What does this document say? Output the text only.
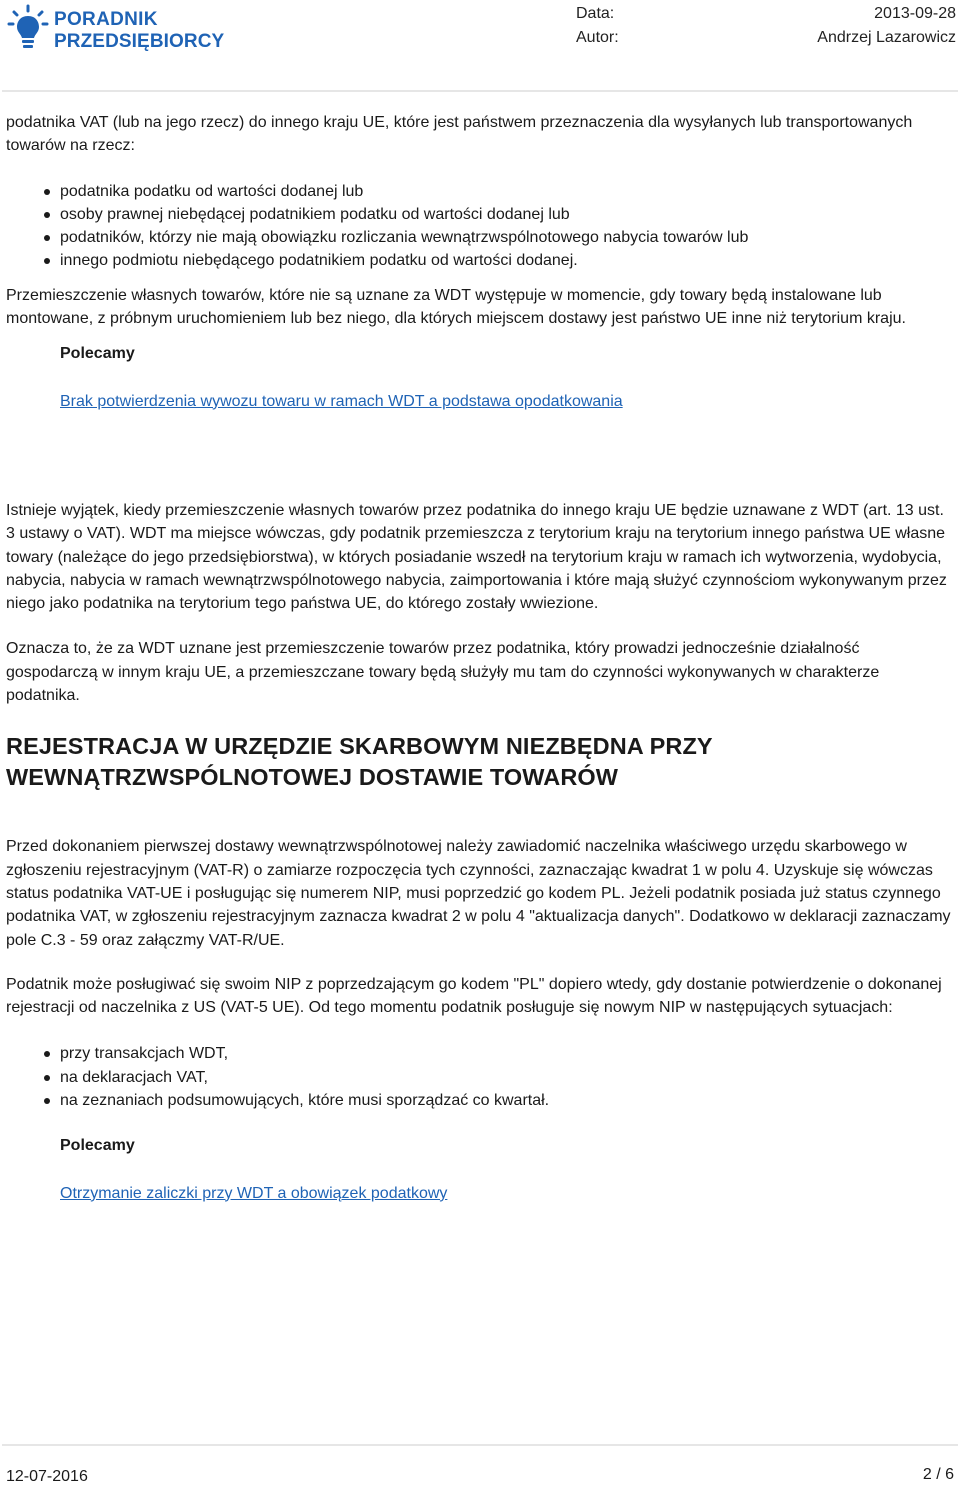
PORADNIK
PRZEDSIĘBIORCY
Data:
Autor:
2013-09-28
Andrzej Lazarowicz

podatnika VAT (lub na jego rzecz) do innego kraju UE, które jest państwem przeznaczenia dla wysyłanych lub transportowanych towarów na rzecz:

podatnika podatku od wartości dodanej lub
osoby prawnej niebędącej podatnikiem podatku od wartości dodanej lub
podatników, którzy nie mają obowiązku rozliczania wewnątrzwspólnotowego nabycia towarów lub
innego podmiotu niebędącego podatnikiem podatku od wartości dodanej.

Przemieszczenie własnych towarów, które nie są uznane za WDT występuje w momencie, gdy towary będą instalowane lub montowane, z próbnym uruchomieniem lub bez niego, dla których miejscem dostawy jest państwo UE inne niż terytorium kraju.

Polecamy
Brak potwierdzenia wywozu towaru w ramach WDT a podstawa opodatkowania

Istnieje wyjątek, kiedy przemieszczenie własnych towarów przez podatnika do innego kraju UE będzie uznawane z WDT (art. 13 ust. 3 ustawy o VAT). WDT ma miejsce wówczas, gdy podatnik przemieszcza z terytorium kraju na terytorium innego państwa UE własne towary (należące do jego przedsiębiorstwa), w których posiadanie wszedł na terytorium kraju w ramach ich wytworzenia, wydobycia, nabycia, nabycia w ramach wewnątrzwspólnotowego nabycia, zaimportowania i które mają służyć czynnościom wykonywanym przez niego jako podatnika na terytorium tego państwa UE, do którego zostały wwiezione.

Oznacza to, że za WDT uznane jest przemieszczenie towarów przez podatnika, który prowadzi jednocześnie działalność gospodarczą w innym kraju UE, a przemieszczane towary będą służyły mu tam do czynności wykonywanych w charakterze podatnika.

REJESTRACJA W URZĘDZIE SKARBOWYM NIEZBĘDNA PRZY WEWNĄTRZWSPÓLNOTOWEJ DOSTAWIE TOWARÓW

Przed dokonaniem pierwszej dostawy wewnątrzwspólnotowej należy zawiadomić naczelnika właściwego urzędu skarbowego w zgłoszeniu rejestracyjnym (VAT-R) o zamiarze rozpoczęcia tych czynności, zaznaczając kwadrat 1 w polu 4. Uzyskuje się wówczas status podatnika VAT-UE i posługując się numerem NIP, musi poprzedzić go kodem PL. Jeżeli podatnik posiada już status czynnego podatnika VAT, w zgłoszeniu rejestracyjnym zaznacza kwadrat 2 w polu 4 "aktualizacja danych". Dodatkowo w deklaracji zaznaczamy pole C.3 - 59 oraz załączmy VAT-R/UE.

Podatnik może posługiwać się swoim NIP z poprzedzającym go kodem "PL" dopiero wtedy, gdy dostanie potwierdzenie o dokonanej rejestracji od naczelnika z US (VAT-5 UE). Od tego momentu podatnik posługuje się nowym NIP w następujących sytuacjach:

przy transakcjach WDT,
na deklaracjach VAT,
na zeznaniach podsumowujących, które musi sporządzać co kwartał.
Polecamy
Otrzymanie zaliczki przy WDT a obowiązek podatkowy
12-07-2016	2 / 6
